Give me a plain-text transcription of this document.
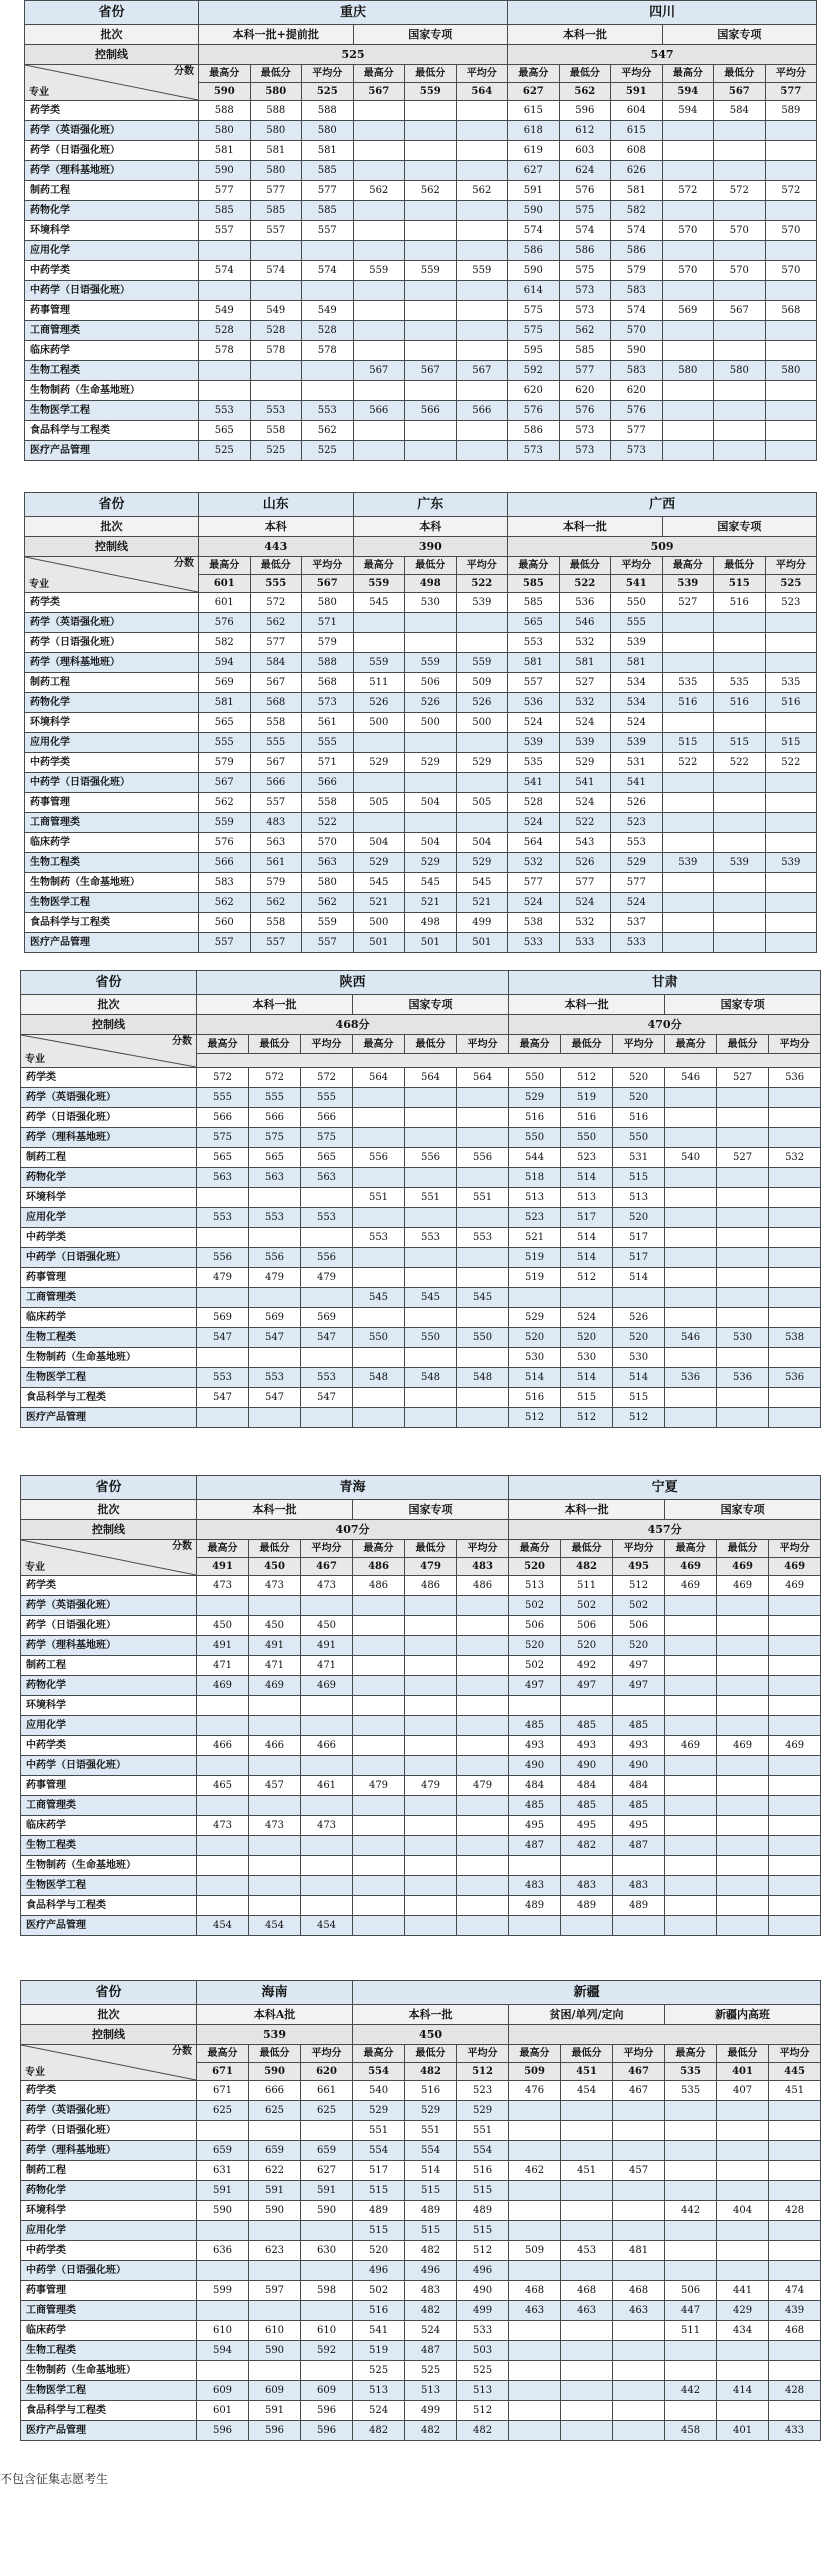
省份	重庆						四川					
批次	本科一批+提前批			国家专项			本科一批			国家专项		
控制线	525						547					

分数
专业	最高分	最低分	平均分	最高分	最低分	平均分	最高分	最低分	平均分	最高分	最低分	平均分
	590	580	525	567	559	564	627	562	591	594	567	577
药学类	588	588	588				615	596	604	594	584	589
药学（英语强化班）	580	580	580				618	612	615			
药学（日语强化班）	581	581	581				619	603	608			
药学（理科基地班）	590	580	585				627	624	626			
制药工程	577	577	577	562	562	562	591	576	581	572	572	572
药物化学	585	585	585				590	575	582			
环境科学	557	557	557				574	574	574	570	570	570
应用化学							586	586	586			
中药学类	574	574	574	559	559	559	590	575	579	570	570	570
中药学（日语强化班）							614	573	583			
药事管理	549	549	549				575	573	574	569	567	568
工商管理类	528	528	528				575	562	570			
临床药学	578	578	578				595	585	590			
生物工程类				567	567	567	592	577	583	580	580	580
生物制药（生命基地班）							620	620	620			
生物医学工程	553	553	553	566	566	566	576	576	576			
食品科学与工程类	565	558	562				586	573	577			
医疗产品管理	525	525	525				573	573	573			
省份	山东			广东			广西					
批次	本科			本科			本科一批			国家专项		
控制线	443			390			509					

分数
专业	最高分	最低分	平均分	最高分	最低分	平均分	最高分	最低分	平均分	最高分	最低分	平均分
	601	555	567	559	498	522	585	522	541	539	515	525
药学类	601	572	580	545	530	539	585	536	550	527	516	523
药学（英语强化班）	576	562	571				565	546	555			
药学（日语强化班）	582	577	579				553	532	539			
药学（理科基地班）	594	584	588	559	559	559	581	581	581			
制药工程	569	567	568	511	506	509	557	527	534	535	535	535
药物化学	581	568	573	526	526	526	536	532	534	516	516	516
环境科学	565	558	561	500	500	500	524	524	524			
应用化学	555	555	555				539	539	539	515	515	515
中药学类	579	567	571	529	529	529	535	529	531	522	522	522
中药学（日语强化班）	567	566	566				541	541	541			
药事管理	562	557	558	505	504	505	528	524	526			
工商管理类	559	483	522				524	522	523			
临床药学	576	563	570	504	504	504	564	543	553			
生物工程类	566	561	563	529	529	529	532	526	529	539	539	539
生物制药（生命基地班）	583	579	580	545	545	545	577	577	577			
生物医学工程	562	562	562	521	521	521	524	524	524			
食品科学与工程类	560	558	559	500	498	499	538	532	537			
医疗产品管理	557	557	557	501	501	501	533	533	533			
省份	陕西						甘肃					
批次	本科一批			国家专项			本科一批			国家专项		
控制线	468分						470分					

分数
专业	最高分	最低分	平均分	最高分	最低分	平均分	最高分	最低分	平均分	最高分	最低分	平均分

药学类	572	572	572	564	564	564	550	512	520	546	527	536
药学（英语强化班）	555	555	555				529	519	520			
药学（日语强化班）	566	566	566				516	516	516			
药学（理科基地班）	575	575	575				550	550	550			
制药工程	565	565	565	556	556	556	544	523	531	540	527	532
药物化学	563	563	563				518	514	515			
环境科学				551	551	551	513	513	513			
应用化学	553	553	553				523	517	520			
中药学类				553	553	553	521	514	517			
中药学（日语强化班）	556	556	556				519	514	517			
药事管理	479	479	479				519	512	514			
工商管理类				545	545	545						
临床药学	569	569	569				529	524	526			
生物工程类	547	547	547	550	550	550	520	520	520	546	530	538
生物制药（生命基地班）							530	530	530			
生物医学工程	553	553	553	548	548	548	514	514	514	536	536	536
食品科学与工程类	547	547	547				516	515	515			
医疗产品管理							512	512	512			
省份	青海						宁夏					
批次	本科一批			国家专项			本科一批			国家专项		
控制线	407分						457分					

分数
专业	最高分	最低分	平均分	最高分	最低分	平均分	最高分	最低分	平均分	最高分	最低分	平均分
	491	450	467	486	479	483	520	482	495	469	469	469
药学类	473	473	473	486	486	486	513	511	512	469	469	469
药学（英语强化班）							502	502	502			
药学（日语强化班）	450	450	450				506	506	506			
药学（理科基地班）	491	491	491				520	520	520			
制药工程	471	471	471				502	492	497			
药物化学	469	469	469				497	497	497			
环境科学												
应用化学							485	485	485			
中药学类	466	466	466				493	493	493	469	469	469
中药学（日语强化班）							490	490	490			
药事管理	465	457	461	479	479	479	484	484	484			
工商管理类							485	485	485			
临床药学	473	473	473				495	495	495			
生物工程类							487	482	487			
生物制药（生命基地班）												
生物医学工程							483	483	483			
食品科学与工程类							489	489	489			
医疗产品管理	454	454	454									
省份	海南			新疆								
批次	本科A批			本科一批			贫困/单列/定向			新疆内高班		
控制线	539			450								

分数
专业	最高分	最低分	平均分	最高分	最低分	平均分	最高分	最低分	平均分	最高分	最低分	平均分
	671	590	620	554	482	512	509	451	467	535	401	445
药学类	671	666	661	540	516	523	476	454	467	535	407	451
药学（英语强化班）	625	625	625	529	529	529						
药学（日语强化班）				551	551	551						
药学（理科基地班）	659	659	659	554	554	554						
制药工程	631	622	627	517	514	516	462	451	457			
药物化学	591	591	591	515	515	515						
环境科学	590	590	590	489	489	489				442	404	428
应用化学				515	515	515						
中药学类	636	623	630	520	482	512	509	453	481			
中药学（日语强化班）				496	496	496						
药事管理	599	597	598	502	483	490	468	468	468	506	441	474
工商管理类				516	482	499	463	463	463	447	429	439
临床药学	610	610	610	541	524	533				511	434	468
生物工程类	594	590	592	519	487	503						
生物制药（生命基地班）				525	525	525						
生物医学工程	609	609	609	513	513	513				442	414	428
食品科学与工程类	601	591	596	524	499	512						
医疗产品管理	596	596	596	482	482	482				458	401	433
不包含征集志愿考生
